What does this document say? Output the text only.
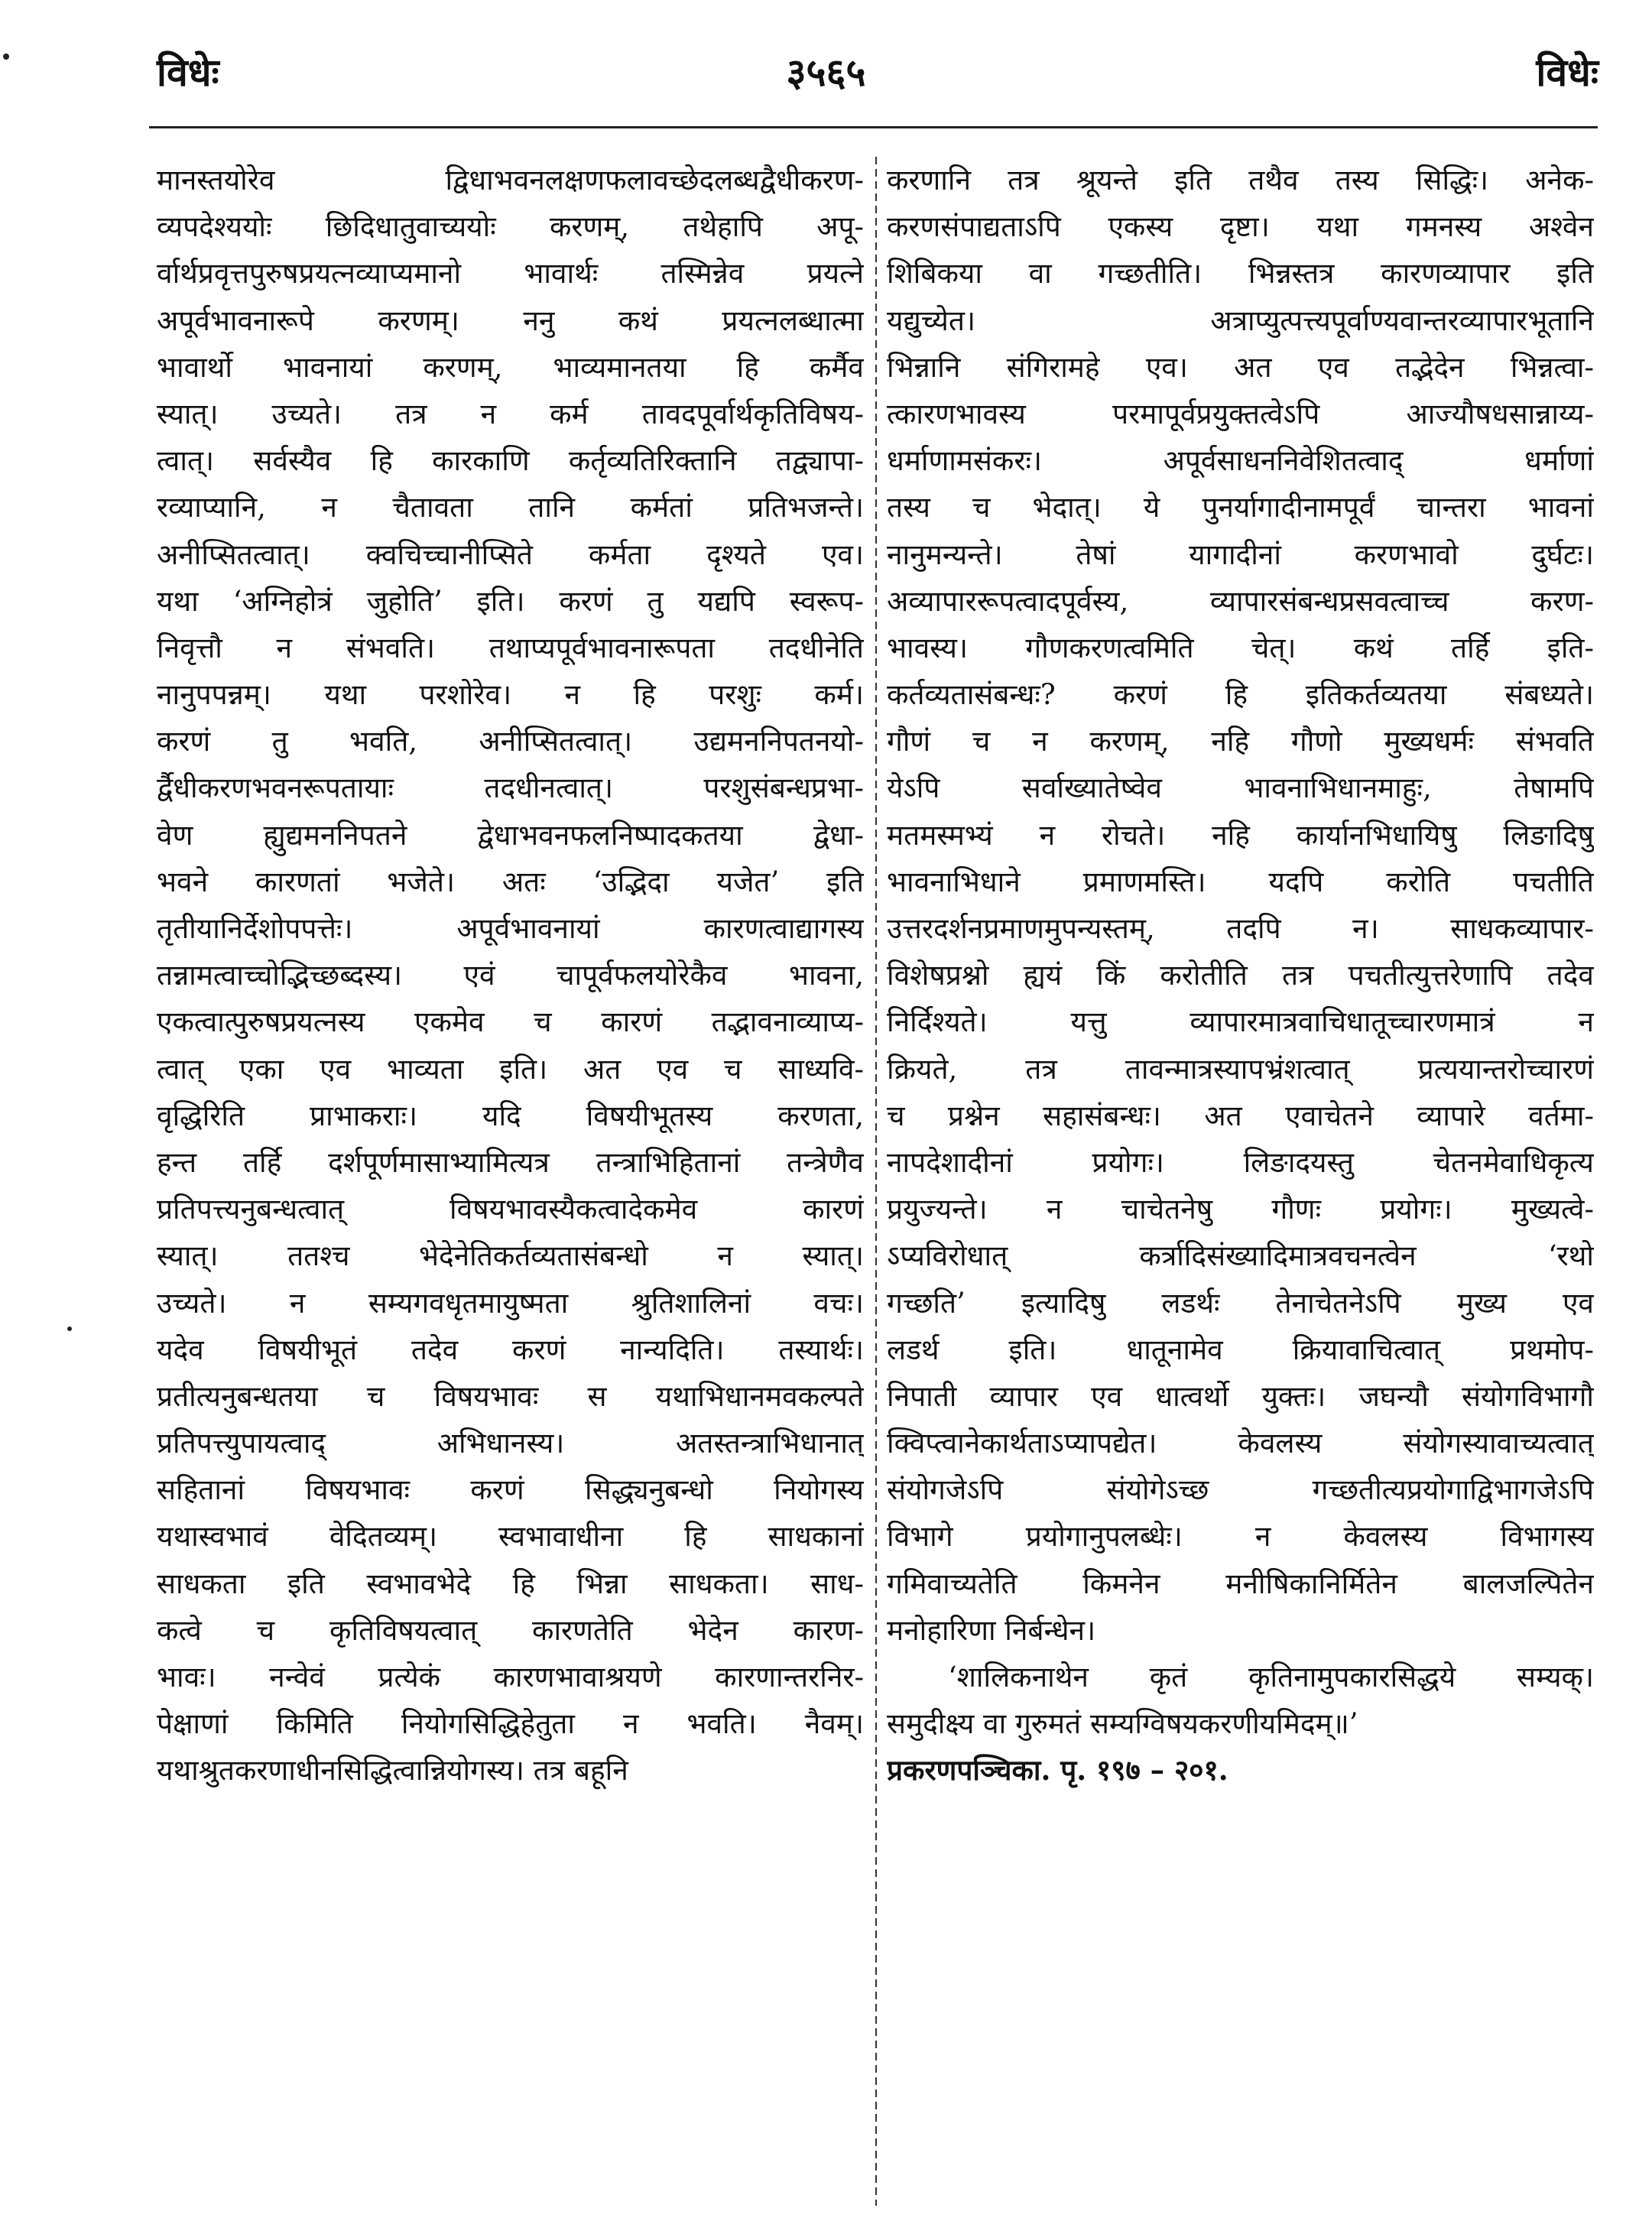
३५६५
विधेः	विधेः
मानस्तयोरेव द्विधाभवनलक्षणफलावच्छेदलब्धद्वैधीकरण-
व्यपदेश्ययोः छिदिधातुवाच्ययोः करणम्, तथेहापि अपू-
र्वार्थप्रवृत्तपुरुषप्रयत्नव्याप्यमानो भावार्थः तस्मिन्नेव प्रयत्ने
अपूर्वभावनारूपे करणम्। ननु कथं प्रयत्नलब्धात्मा
भावार्थो भावनायां करणम्, भाव्यमानतया हि कर्मैव
स्यात्। उच्यते। तत्र न कर्म तावदपूर्वार्थकृतिविषय-
त्वात्। सर्वस्यैव हि कारकाणि कर्तृव्यतिरिक्तानि तद्व्यापा-
रव्याप्यानि, न चैतावता तानि कर्मतां प्रतिभजन्ते।
अनीप्सितत्वात्। क्वचिच्चानीप्सिते कर्मता दृश्यते एव।
यथा ‘अग्निहोत्रं जुहोति’ इति। करणं तु यद्यपि स्वरूप-
निवृत्तौ न संभवति। तथाप्यपूर्वभावनारूपता तदधीनेति
नानुपपन्नम्। यथा परशोरेव। न हि परशुः कर्म।
करणं तु भवति, अनीप्सितत्वात्। उद्यमननिपतनयो-
र्द्वैधीकरणभवनरूपतायाः तदधीनत्वात्। परशुसंबन्धप्रभा-
वेण ह्युद्यमननिपतने द्वेधाभवनफलनिष्पादकतया द्वेधा-
भवने कारणतां भजेते। अतः ‘उद्भिदा यजेत’ इति
तृतीयानिर्देशोपपत्तेः। अपूर्वभावनायां कारणत्वाद्यागस्य
तन्नामत्वाच्चोद्भिच्छब्दस्य। एवं चापूर्वफलयोरेकैव भावना,
एकत्वात्पुरुषप्रयत्नस्य एकमेव च कारणं तद्भावनाव्याप्य-
त्वात् एका एव भाव्यता इति। अत एव च साध्यवि-
वृद्धिरिति प्राभाकराः। यदि विषयीभूतस्य करणता,
हन्त तर्हि दर्शपूर्णमासाभ्यामित्यत्र तन्त्राभिहितानां तन्त्रेणैव
प्रतिपत्त्यनुबन्धत्वात् विषयभावस्यैकत्वादेकमेव कारणं
स्यात्। ततश्च भेदेनेतिकर्तव्यतासंबन्धो न स्यात्।
उच्यते। न सम्यगवधृतमायुष्मता श्रुतिशालिनां वचः।
यदेव विषयीभूतं तदेव करणं नान्यदिति। तस्यार्थः।
प्रतीत्यनुबन्धतया च विषयभावः स यथाभिधानमवकल्पते
प्रतिपत्त्युपायत्वाद् अभिधानस्य। अतस्तन्त्राभिधानात्
सहितानां विषयभावः करणं सिद्ध्यनुबन्धो नियोगस्य
यथास्वभावं वेदितव्यम्। स्वभावाधीना हि साधकानां
साधकता इति स्वभावभेदे हि भिन्ना साधकता। साध-
कत्वे च कृतिविषयत्वात् कारणतेति भेदेन कारण-
भावः। नन्वेवं प्रत्येकं कारणभावाश्रयणे कारणान्तरनिर-
पेक्षाणां किमिति नियोगसिद्धिहेतुता न भवति। नैवम्।
यथाश्रुतकरणाधीनसिद्धित्वान्नियोगस्य। तत्र बहूनि
करणानि तत्र श्रूयन्ते इति तथैव तस्य सिद्धिः। अनेक-
करणसंपाद्यताऽपि एकस्य दृष्टा। यथा गमनस्य अश्वेन
शिबिकया वा गच्छतीति। भिन्नस्तत्र कारणव्यापार इति
यद्युच्येत। अत्राप्युत्पत्त्यपूर्वाण्यवान्तरव्यापारभूतानि
भिन्नानि संगिरामहे एव। अत एव तद्भेदेन भिन्नत्वा-
त्कारणभावस्य परमापूर्वप्रयुक्तत्वेऽपि आज्यौषधसान्नाय्य-
धर्माणामसंकरः। अपूर्वसाधननिवेशितत्वाद् धर्माणां
तस्य च भेदात्। ये पुनर्यागादीनामपूर्वं चान्तरा भावनां
नानुमन्यन्ते। तेषां यागादीनां करणभावो दुर्घटः।
अव्यापाररूपत्वादपूर्वस्य, व्यापारसंबन्धप्रसवत्वाच्च करण-
भावस्य। गौणकरणत्वमिति चेत्। कथं तर्हि इति-
कर्तव्यतासंबन्धः? करणं हि इतिकर्तव्यतया संबध्यते।
गौणं च न करणम्, नहि गौणो मुख्यधर्मः संभवति
येऽपि सर्वाख्यातेष्वेव भावनाभिधानमाहुः, तेषामपि
मतमस्मभ्यं न रोचते। नहि कार्यानभिधायिषु लिङादिषु
भावनाभिधाने प्रमाणमस्ति। यदपि करोति पचतीति
उत्तरदर्शनप्रमाणमुपन्यस्तम्, तदपि न। साधकव्यापार-
विशेषप्रश्नो ह्ययं किं करोतीति तत्र पचतीत्युत्तरेणापि तदेव
निर्दिश्यते। यत्तु व्यापारमात्रवाचिधातूच्चारणमात्रं न
क्रियते, तत्र तावन्मात्रस्यापभ्रंशत्वात् प्रत्ययान्तरोच्चारणं
च प्रश्नेन सहासंबन्धः। अत एवाचेतने व्यापारे वर्तमा-
नापदेशादीनां प्रयोगः। लिङादयस्तु चेतनमेवाधिकृत्य
प्रयुज्यन्ते। न चाचेतनेषु गौणः प्रयोगः। मुख्यत्वे-
ऽप्यविरोधात् कर्त्रादिसंख्यादिमात्रवचनत्वेन ‘रथो
गच्छति’ इत्यादिषु लडर्थः तेनाचेतनेऽपि मुख्य एव
लडर्थ इति। धातूनामेव क्रियावाचित्वात् प्रथमोप-
निपाती व्यापार एव धात्वर्थो युक्तः। जघन्यौ संयोगविभागौ
क्विप्त्वानेकार्थताऽप्यापद्येत। केवलस्य संयोगस्यावाच्यत्वात्
संयोगजेऽपि संयोगेऽच्छ गच्छतीत्यप्रयोगाद्विभागजेऽपि
विभागे प्रयोगानुपलब्धेः। न केवलस्य विभागस्य
गमिवाच्यतेति किमनेन मनीषिकानिर्मितेन बालजल्पितेन
मनोहारिणा निर्बन्धेन।
‘शालिकनाथेन कृतं कृतिनामुपकारसिद्धये सम्यक्।
समुदीक्ष्य वा गुरुमतं सम्यग्विषयकरणीयमिदम्॥’
प्रकरणपञ्चिका. पृ. १९७ – २०१.
